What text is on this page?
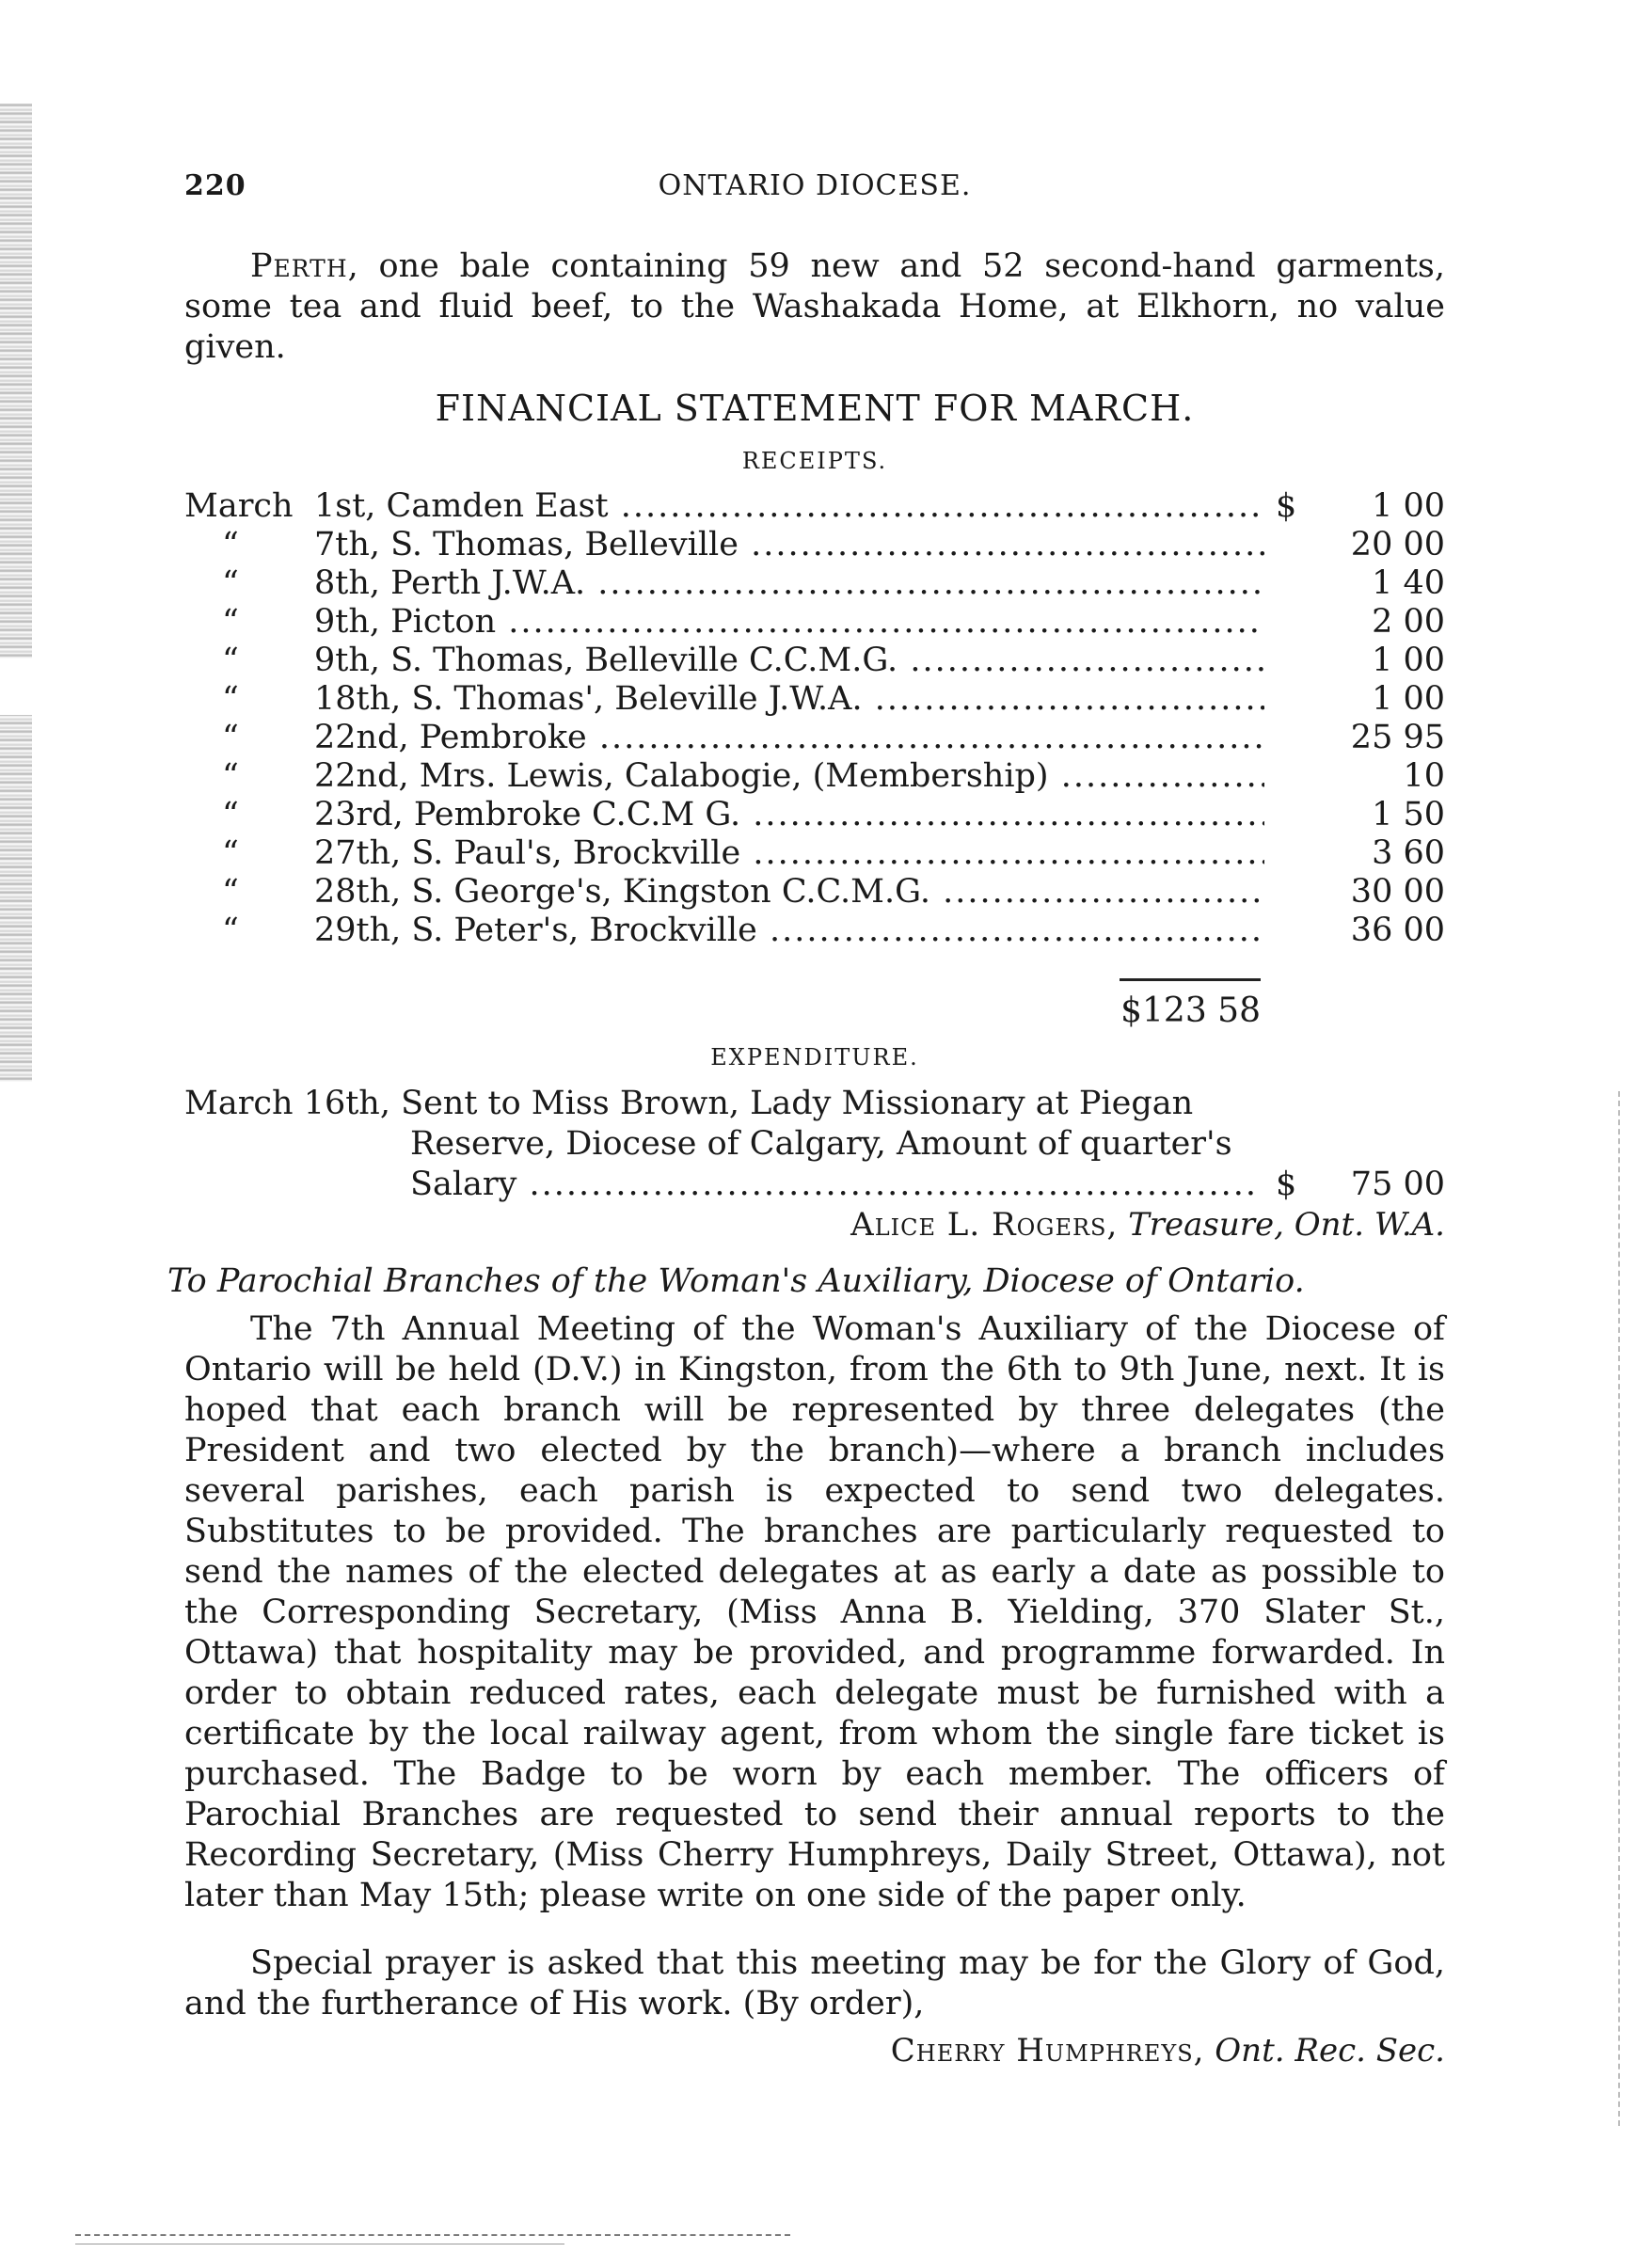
220	ONTARIO DIOCESE.
Perth, one bale containing 59 new and 52 second-hand garments, some tea and fluid beef, to the Washakada Home, at Elkhorn, no value given.
FINANCIAL STATEMENT FOR MARCH.
RECEIPTS.
March 1st, Camden East .....	$	1 00
“	7th, S. Thomas, Belleville .....	20 00
“	8th, Perth J.W.A. .....	1 40
“	9th, Picton .....	2 00
“	9th, S. Thomas, Belleville C.C.M.G. .....	1 00
“	18th, S. Thomas', Beleville J.W.A. .....	1 00
“	22nd, Pembroke .....	25 95
“	22nd, Mrs. Lewis, Calabogie, (Membership) .....	10
“	23rd, Pembroke C.C.M G. .....	1 50
“	27th, S. Paul's, Brockville .....	3 60
“	28th, S. George's, Kingston C.C.M.G. .....	30 00
“	29th, S. Peter's, Brockville .....	36 00
$123 58
EXPENDITURE.
March 16th, Sent to Miss Brown, Lady Missionary at Piegan
Reserve, Diocese of Calgary, Amount of quarter's
Salary .....	$	75 00
Alice L. Rogers, Treasure, Ont. W.A.
To Parochial Branches of the Woman's Auxiliary, Diocese of Ontario.
The 7th Annual Meeting of the Woman's Auxiliary of the Diocese of Ontario will be held (D.V.) in Kingston, from the 6th to 9th June, next. It is hoped that each branch will be represented by three delegates (the President and two elected by the branch)—where a branch includes several parishes, each parish is expected to send two delegates. Substitutes to be provided. The branches are particularly requested to send the names of the elected delegates at as early a date as possible to the Corresponding Secretary, (Miss Anna B. Yielding, 370 Slater St., Ottawa) that hospitality may be provided, and programme forwarded. In order to obtain reduced rates, each delegate must be furnished with a certificate by the local railway agent, from whom the single fare ticket is purchased. The Badge to be worn by each member. The officers of Parochial Branches are requested to send their annual reports to the Recording Secretary, (Miss Cherry Humphreys, Daily Street, Ottawa), not later than May 15th; please write on one side of the paper only.
Special prayer is asked that this meeting may be for the Glory of God, and the furtherance of His work. (By order),
Cherry Humphreys, Ont. Rec. Sec.
